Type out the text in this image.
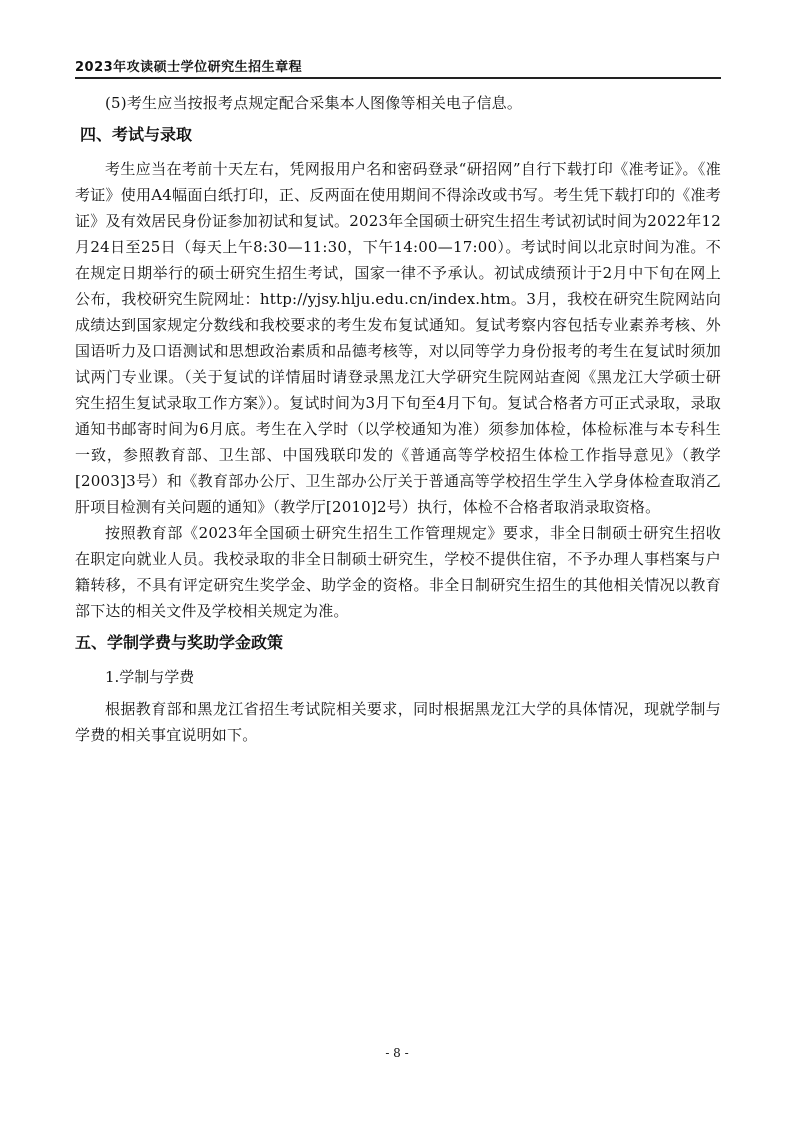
2023年攻读硕士学位研究生招生章程

(5)考生应当按报考点规定配合采集本人图像等相关电子信息。

四、考试与录取

考生应当在考前十天左右，凭网报用户名和密码登录“研招网”自行下载打印《准考证》。《准考证》使用A4幅面白纸打印，正、反两面在使用期间不得涂改或书写。考生凭下载打印的《准考证》及有效居民身份证参加初试和复试。2023年全国硕士研究生招生考试初试时间为2022年12月24日至25日（每天上午8:30—11:30，下午14:00—17:00）。考试时间以北京时间为准。不在规定日期举行的硕士研究生招生考试，国家一律不予承认。初试成绩预计于2月中下旬在网上公布，我校研究生院网址：http://yjsy.hlju.edu.cn/index.htm。3月，我校在研究生院网站向成绩达到国家规定分数线和我校要求的考生发布复试通知。复试考察内容包括专业素养考核、外国语听力及口语测试和思想政治素质和品德考核等，对以同等学力身份报考的考生在复试时须加试两门专业课。（关于复试的详情届时请登录黑龙江大学研究生院网站查阅《黑龙江大学硕士研究生招生复试录取工作方案》）。复试时间为3月下旬至4月下旬。复试合格者方可正式录取，录取通知书邮寄时间为6月底。考生在入学时（以学校通知为准）须参加体检，体检标准与本专科生一致，参照教育部、卫生部、中国残联印发的《普通高等学校招生体检工作指导意见》（教学[2003]3号）和《教育部办公厅、卫生部办公厅关于普通高等学校招生学生入学身体检查取消乙肝项目检测有关问题的通知》（教学厅[2010]2号）执行，体检不合格者取消录取资格。

按照教育部《2023年全国硕士研究生招生工作管理规定》要求，非全日制硕士研究生招收在职定向就业人员。我校录取的非全日制硕士研究生，学校不提供住宿，不予办理人事档案与户籍转移，不具有评定研究生奖学金、助学金的资格。非全日制研究生招生的其他相关情况以教育部下达的相关文件及学校相关规定为准。

五、学制学费与奖助学金政策
1.学制与学费

根据教育部和黑龙江省招生考试院相关要求，同时根据黑龙江大学的具体情况，现就学制与学费的相关事宜说明如下。

- 8 -
